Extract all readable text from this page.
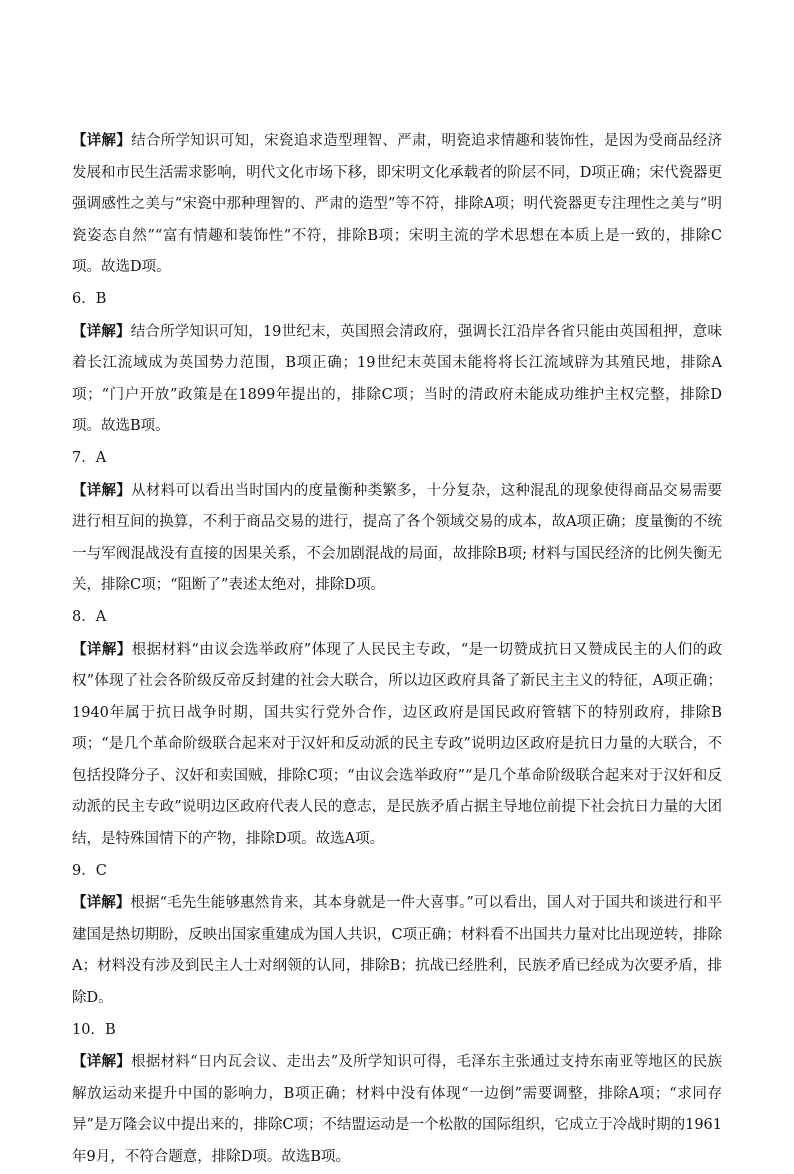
【详解】结合所学知识可知，宋瓷追求造型理智、严肃，明瓷追求情趣和装饰性，是因为受商品经济发展和市民生活需求影响，明代文化市场下移，即宋明文化承载者的阶层不同，D项正确；宋代瓷器更强调感性之美与“宋瓷中那种理智的、严肃的造型”等不符，排除A项；明代瓷器更专注理性之美与“明瓷姿态自然”“富有情趣和装饰性”不符，排除B项；宋明主流的学术思想在本质上是一致的，排除C项。故选D项。

6．B

【详解】结合所学知识可知，19世纪末，英国照会清政府，强调长江沿岸各省只能由英国租押，意味着长江流域成为英国势力范围，B项正确；19世纪末英国未能将将长江流域辟为其殖民地，排除A项；“门户开放”政策是在1899年提出的，排除C项；当时的清政府未能成功维护主权完整，排除D项。故选B项。

7．A

【详解】从材料可以看出当时国内的度量衡种类繁多，十分复杂，这种混乱的现象使得商品交易需要进行相互间的换算，不利于商品交易的进行，提高了各个领域交易的成本，故A项正确；度量衡的不统一与军阀混战没有直接的因果关系，不会加剧混战的局面，故排除B项; 材料与国民经济的比例失衡无关，排除C项；“阻断了”表述太绝对，排除D项。

8．A

【详解】根据材料“由议会选举政府”体现了人民民主专政，“是一切赞成抗日又赞成民主的人们的政权”体现了社会各阶级反帝反封建的社会大联合，所以边区政府具备了新民主主义的特征，A项正确；1940年属于抗日战争时期，国共实行党外合作，边区政府是国民政府管辖下的特别政府，排除B项；“是几个革命阶级联合起来对于汉奸和反动派的民主专政”说明边区政府是抗日力量的大联合，不包括投降分子、汉奸和卖国贼，排除C项；“由议会选举政府”“是几个革命阶级联合起来对于汉奸和反动派的民主专政”说明边区政府代表人民的意志，是民族矛盾占据主导地位前提下社会抗日力量的大团结，是特殊国情下的产物，排除D项。故选A项。

9．C

【详解】根据“毛先生能够惠然肯来，其本身就是一件大喜事。”可以看出，国人对于国共和谈进行和平建国是热切期盼，反映出国家重建成为国人共识，C项正确；材料看不出国共力量对比出现逆转，排除A；材料没有涉及到民主人士对纲领的认同，排除B；抗战已经胜利，民族矛盾已经成为次要矛盾，排除D。

10．B

【详解】根据材料“日内瓦会议、走出去”及所学知识可得，毛泽东主张通过支持东南亚等地区的民族解放运动来提升中国的影响力，B项正确；材料中没有体现“一边倒”需要调整，排除A项；“求同存异”是万隆会议中提出来的，排除C项；不结盟运动是一个松散的国际组织，它成立于冷战时期的1961年9月，不符合题意，排除D项。故选B项。
